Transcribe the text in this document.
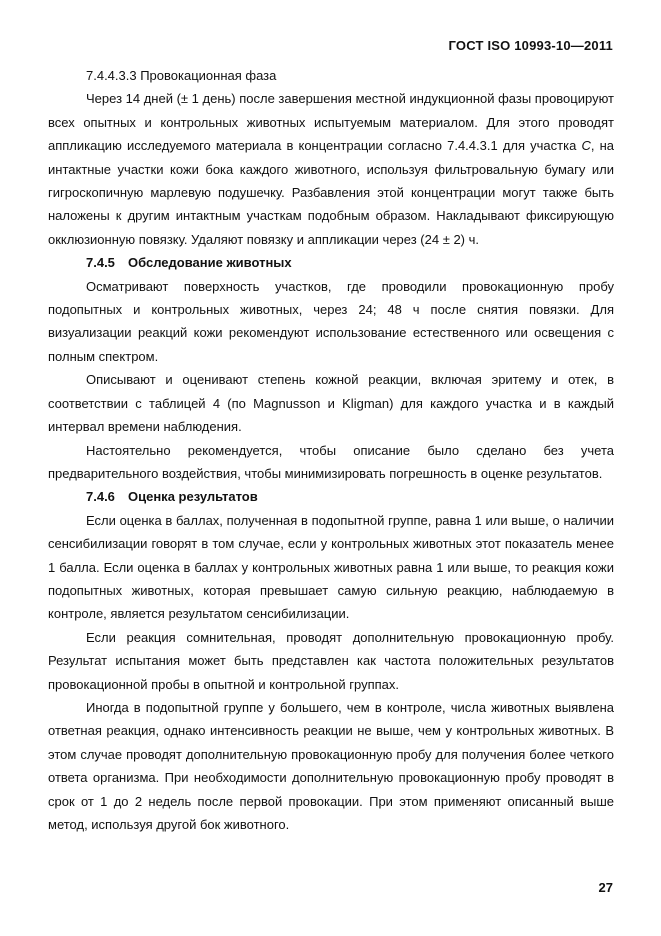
ГОСТ ISO 10993-10—2011

7.4.4.3.3 Провокационная фаза

Через 14 дней (± 1 день) после завершения местной индукционной фазы провоцируют всех опытных и контрольных животных испытуемым материалом. Для этого проводят аппликацию исследуемого материала в концентрации согласно 7.4.4.3.1 для участка С, на интактные участки кожи бока каждого животного, используя фильтровальную бумагу или гигроскопичную марлевую подушечку. Разбавления этой концентрации могут также быть наложены к другим интактным участкам подобным образом. Накладывают фиксирующую окклюзионную повязку. Удаляют повязку и аппликации через (24 ± 2) ч.

7.4.5 Обследование животных

Осматривают поверхность участков, где проводили провокационную пробу подопытных и контрольных животных, через 24; 48 ч после снятия повязки. Для визуализации реакций кожи рекомендуют использование естественного или освещения с полным спектром.

Описывают и оценивают степень кожной реакции, включая эритему и отек, в соответствии с таблицей 4 (по Magnusson и Kligman) для каждого участка и в каждый интервал времени наблюдения.

Настоятельно рекомендуется, чтобы описание было сделано без учета предварительного воздействия, чтобы минимизировать погрешность в оценке результатов.

7.4.6 Оценка результатов

Если оценка в баллах, полученная в подопытной группе, равна 1 или выше, о наличии сенсибилизации говорят в том случае, если у контрольных животных этот показатель менее 1 балла. Если оценка в баллах у контрольных животных равна 1 или выше, то реакция кожи подопытных животных, которая превышает самую сильную реакцию, наблюдаемую в контроле, является результатом сенсибилизации.

Если реакция сомнительная, проводят дополнительную провокационную пробу. Результат испытания может быть представлен как частота положительных результатов провокационной пробы в опытной и контрольной группах.

Иногда в подопытной группе у большего, чем в контроле, числа животных выявлена ответная реакция, однако интенсивность реакции не выше, чем у контрольных животных. В этом случае проводят дополнительную провокационную пробу для получения более четкого ответа организма. При необходимости дополнительную провокационную пробу проводят в срок от 1 до 2 недель после первой провокации. При этом применяют описанный выше метод, используя другой бок животного.

27
